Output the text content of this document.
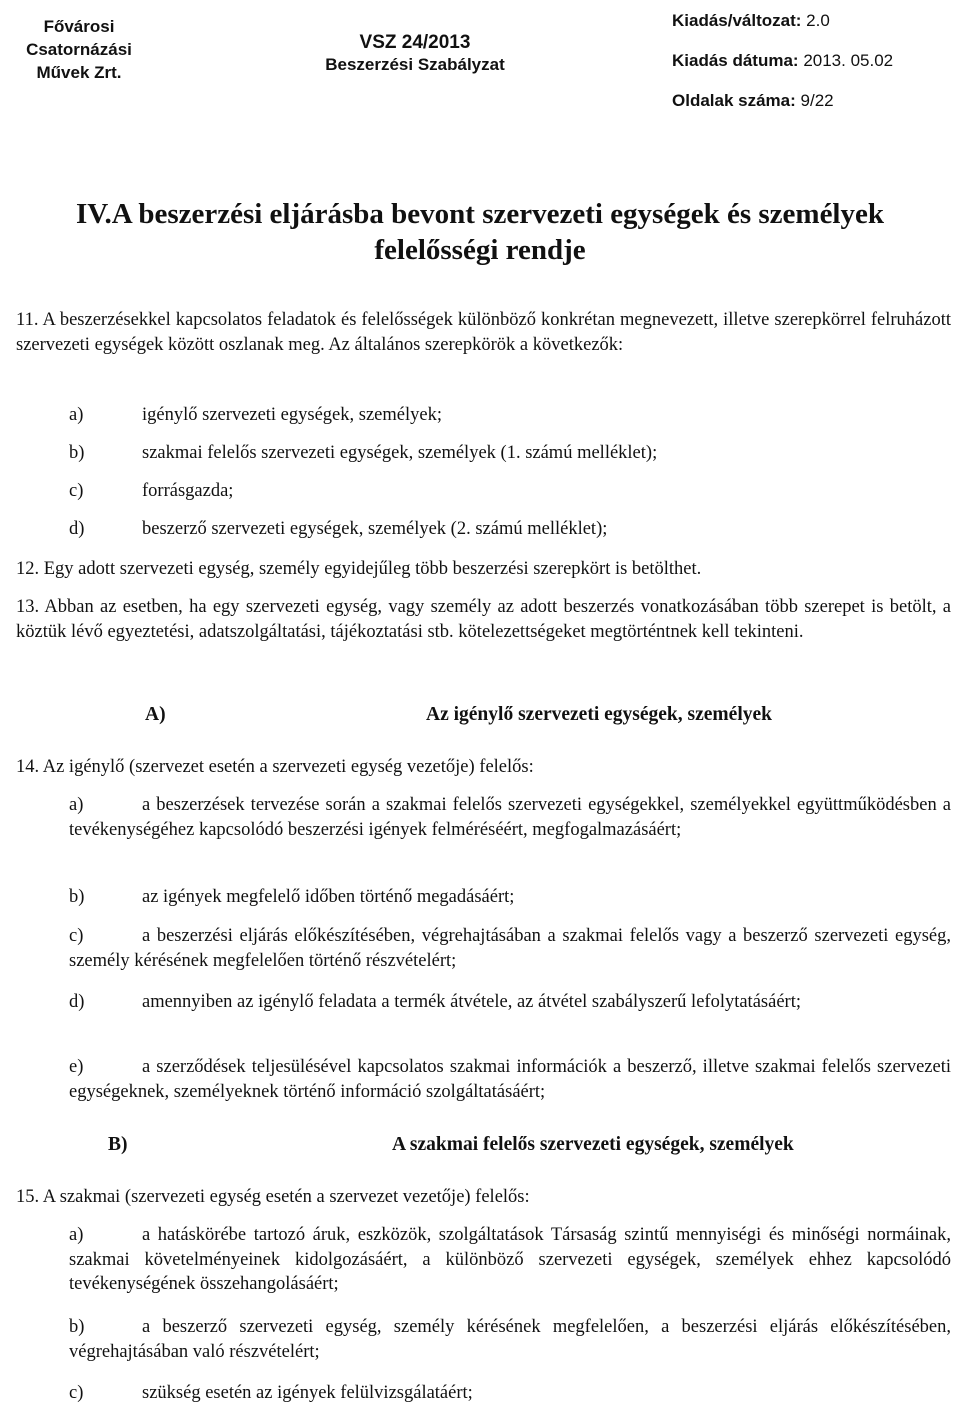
Fővárosi
Csatornázási
Művek Zrt.
VSZ 24/2013
Beszerzési Szabályzat
Kiadás/változat: 2.0
Kiadás dátuma: 2013. 05.02
Oldalak száma: 9/22
IV.A beszerzési eljárásba bevont szervezeti egységek és személyek
felelősségi rendje
11. A beszerzésekkel kapcsolatos feladatok és felelősségek különböző konkrétan megnevezett, illetve szerepkörrel felruházott szervezeti egységek között oszlanak meg. Az általános szerepkörök a következők:
a)	igénylő szervezeti egységek, személyek;
b)	szakmai felelős szervezeti egységek, személyek (1. számú melléklet);
c)	forrásgazda;
d)	beszerző szervezeti egységek, személyek (2. számú melléklet);
12. Egy adott szervezeti egység, személy egyidejűleg több beszerzési szerepkört is betölthet.
13. Abban az esetben, ha egy szervezeti egység, vagy személy az adott beszerzés vonatkozásában több szerepet is betölt, a köztük lévő egyeztetési, adatszolgáltatási, tájékoztatási stb. kötelezettségeket megtörténtnek kell tekinteni.
A)	Az igénylő szervezeti egységek, személyek
14. Az igénylő (szervezet esetén a szervezeti egység vezetője) felelős:
a)	a beszerzések tervezése során a szakmai felelős szervezeti egységekkel, személyekkel együttműködésben a tevékenységéhez kapcsolódó beszerzési igények felméréséért, megfogalmazásáért;
b)	az igények megfelelő időben történő megadásáért;
c)	a beszerzési eljárás előkészítésében, végrehajtásában a szakmai felelős vagy a beszerző szervezeti egység, személy kérésének megfelelően történő részvételért;
d)	amennyiben az igénylő feladata a termék átvétele, az átvétel szabályszerű lefolytatásáért;
e)	a szerződések teljesülésével kapcsolatos szakmai információk a beszerző, illetve szakmai felelős szervezeti egységeknek, személyeknek történő információ szolgáltatásáért;
B)	A szakmai felelős szervezeti egységek, személyek
15. A szakmai (szervezeti egység esetén a szervezet vezetője) felelős:
a)	a hatáskörébe tartozó áruk, eszközök, szolgáltatások Társaság szintű mennyiségi és minőségi normáinak, szakmai követelményeinek kidolgozásáért, a különböző szervezeti egységek, személyek ehhez kapcsolódó tevékenységének összehangolásáért;
b)	a beszerző szervezeti egység, személy kérésének megfelelően, a beszerzési eljárás előkészítésében, végrehajtásában való részvételért;
c)	szükség esetén az igények felülvizsgálatáért;
